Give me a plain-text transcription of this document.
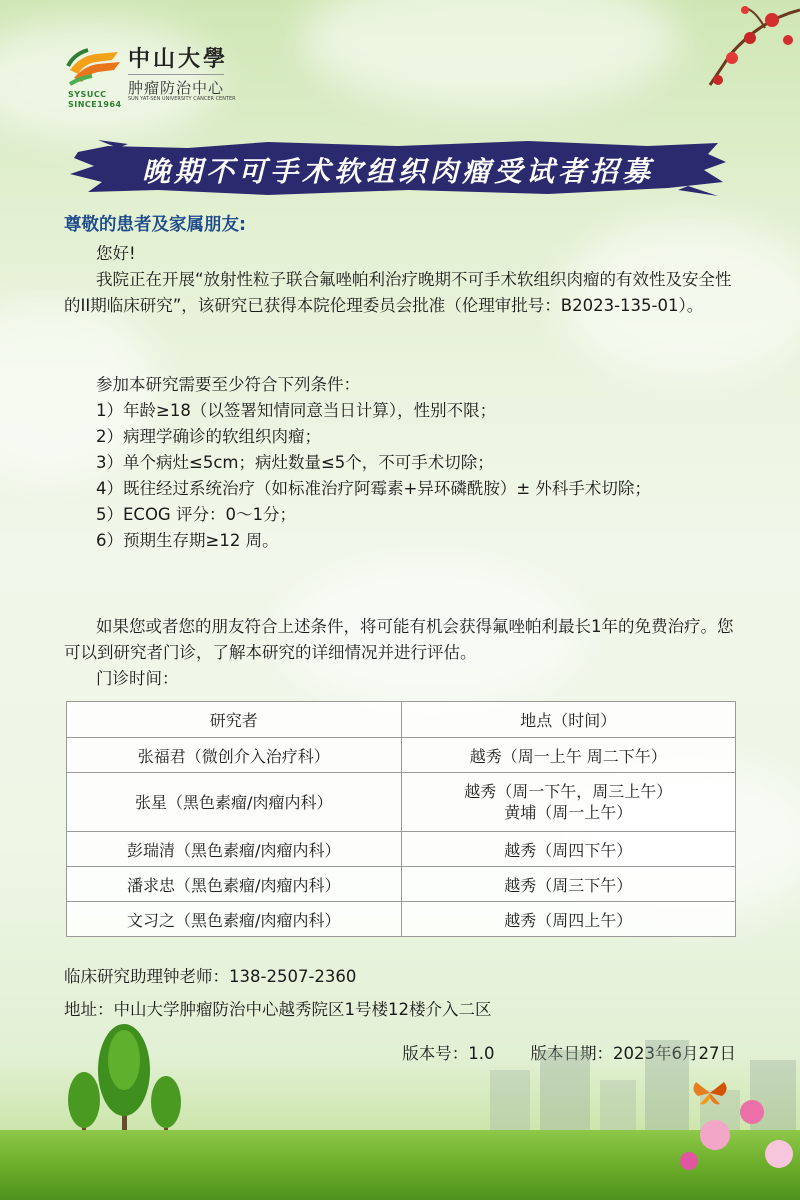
SYSUCC
SINCE1964
中山大學
肿瘤防治中心
SUN YAT-SEN UNIVERSITY CANCER CENTER
晚期不可手术软组织肉瘤受试者招募
尊敬的患者及家属朋友:
您好!
我院正在开展“放射性粒子联合氟唑帕利治疗晚期不可手术软组织肉瘤的有效性及安全性的II期临床研究”，该研究已获得本院伦理委员会批准（伦理审批号：B2023-135-01）。
参加本研究需要至少符合下列条件：
1）年龄≥18（以签署知情同意当日计算），性别不限；
2）病理学确诊的软组织肉瘤；
3）单个病灶≤5cm；病灶数量≤5个，不可手术切除；
4）既往经过系统治疗（如标准治疗阿霉素+异环磷酰胺）± 外科手术切除；
5）ECOG 评分：0～1分；
6）预期生存期≥12 周。
如果您或者您的朋友符合上述条件，将可能有机会获得氟唑帕利最长1年的免费治疗。您可以到研究者门诊，了解本研究的详细情况并进行评估。
门诊时间：
研究者	地点（时间）
张福君（微创介入治疗科）	越秀（周一上午 周二下午）
张星（黑色素瘤/肉瘤内科）	越秀（周一下午，周三上午）
黄埔（周一上午）

彭瑞清（黑色素瘤/肉瘤内科）	越秀（周四下午）
潘求忠（黑色素瘤/肉瘤内科）	越秀（周三下午）
文习之（黑色素瘤/肉瘤内科）	越秀（周四上午）
临床研究助理钟老师：138-2507-2360
地址：中山大学肿瘤防治中心越秀院区1号楼12楼介入二区
版本号：1.0 版本日期：2023年6月27日
